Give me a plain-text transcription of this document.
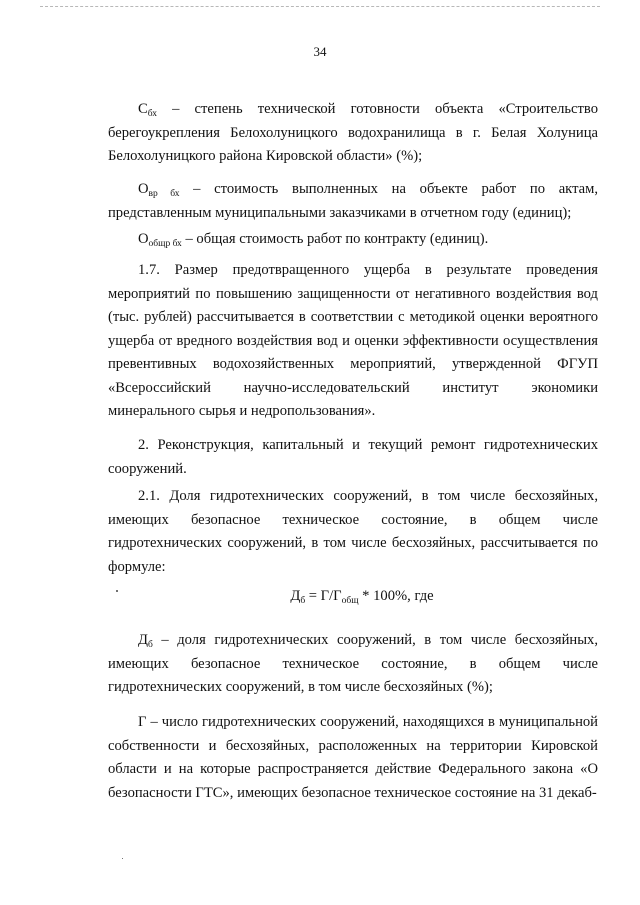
34

$С_{бх}$ – степень технической готовности объекта «Строительство берегоукрепления Белохолуницкого водохранилища в г. Белая Холуница Белохолуницкого района Кировской области» (%);

$О_{вр бх}$ – стоимость выполненных на объекте работ по актам, представленным муниципальными заказчиками в отчетном году (единиц);

$О_{общр бх}$ – общая стоимость работ по контракту (единиц).

1.7. Размер предотвращенного ущерба в результате проведения мероприятий по повышению защищенности от негативного воздействия вод (тыс. рублей) рассчитывается в соответствии с методикой оценки вероятного ущерба от вредного воздействия вод и оценки эффективности осуществления превентивных водохозяйственных мероприятий, утвержденной ФГУП «Всероссийский научно-исследовательский институт экономики минерального сырья и недропользования».

2. Реконструкция, капитальный и текущий ремонт гидротехнических сооружений.

2.1. Доля гидротехнических сооружений, в том числе бесхозяйных, имеющих безопасное техническое состояние, в общем числе гидротехнических сооружений, в том числе бесхозяйных, рассчитывается по формуле:

$Д_б = Г/Г_{общ} * 100\%$, где

$Д_б$ – доля гидротехнических сооружений, в том числе бесхозяйных, имеющих безопасное техническое состояние, в общем числе гидротехнических сооружений, в том числе бесхозяйных (%);

Г – число гидротехнических сооружений, находящихся в муниципальной собственности и бесхозяйных, расположенных на территории Кировской области и на которые распространяется действие Федерального закона «О безопасности ГТС», имеющих безопасное техническое состояние на 31 декаб-
